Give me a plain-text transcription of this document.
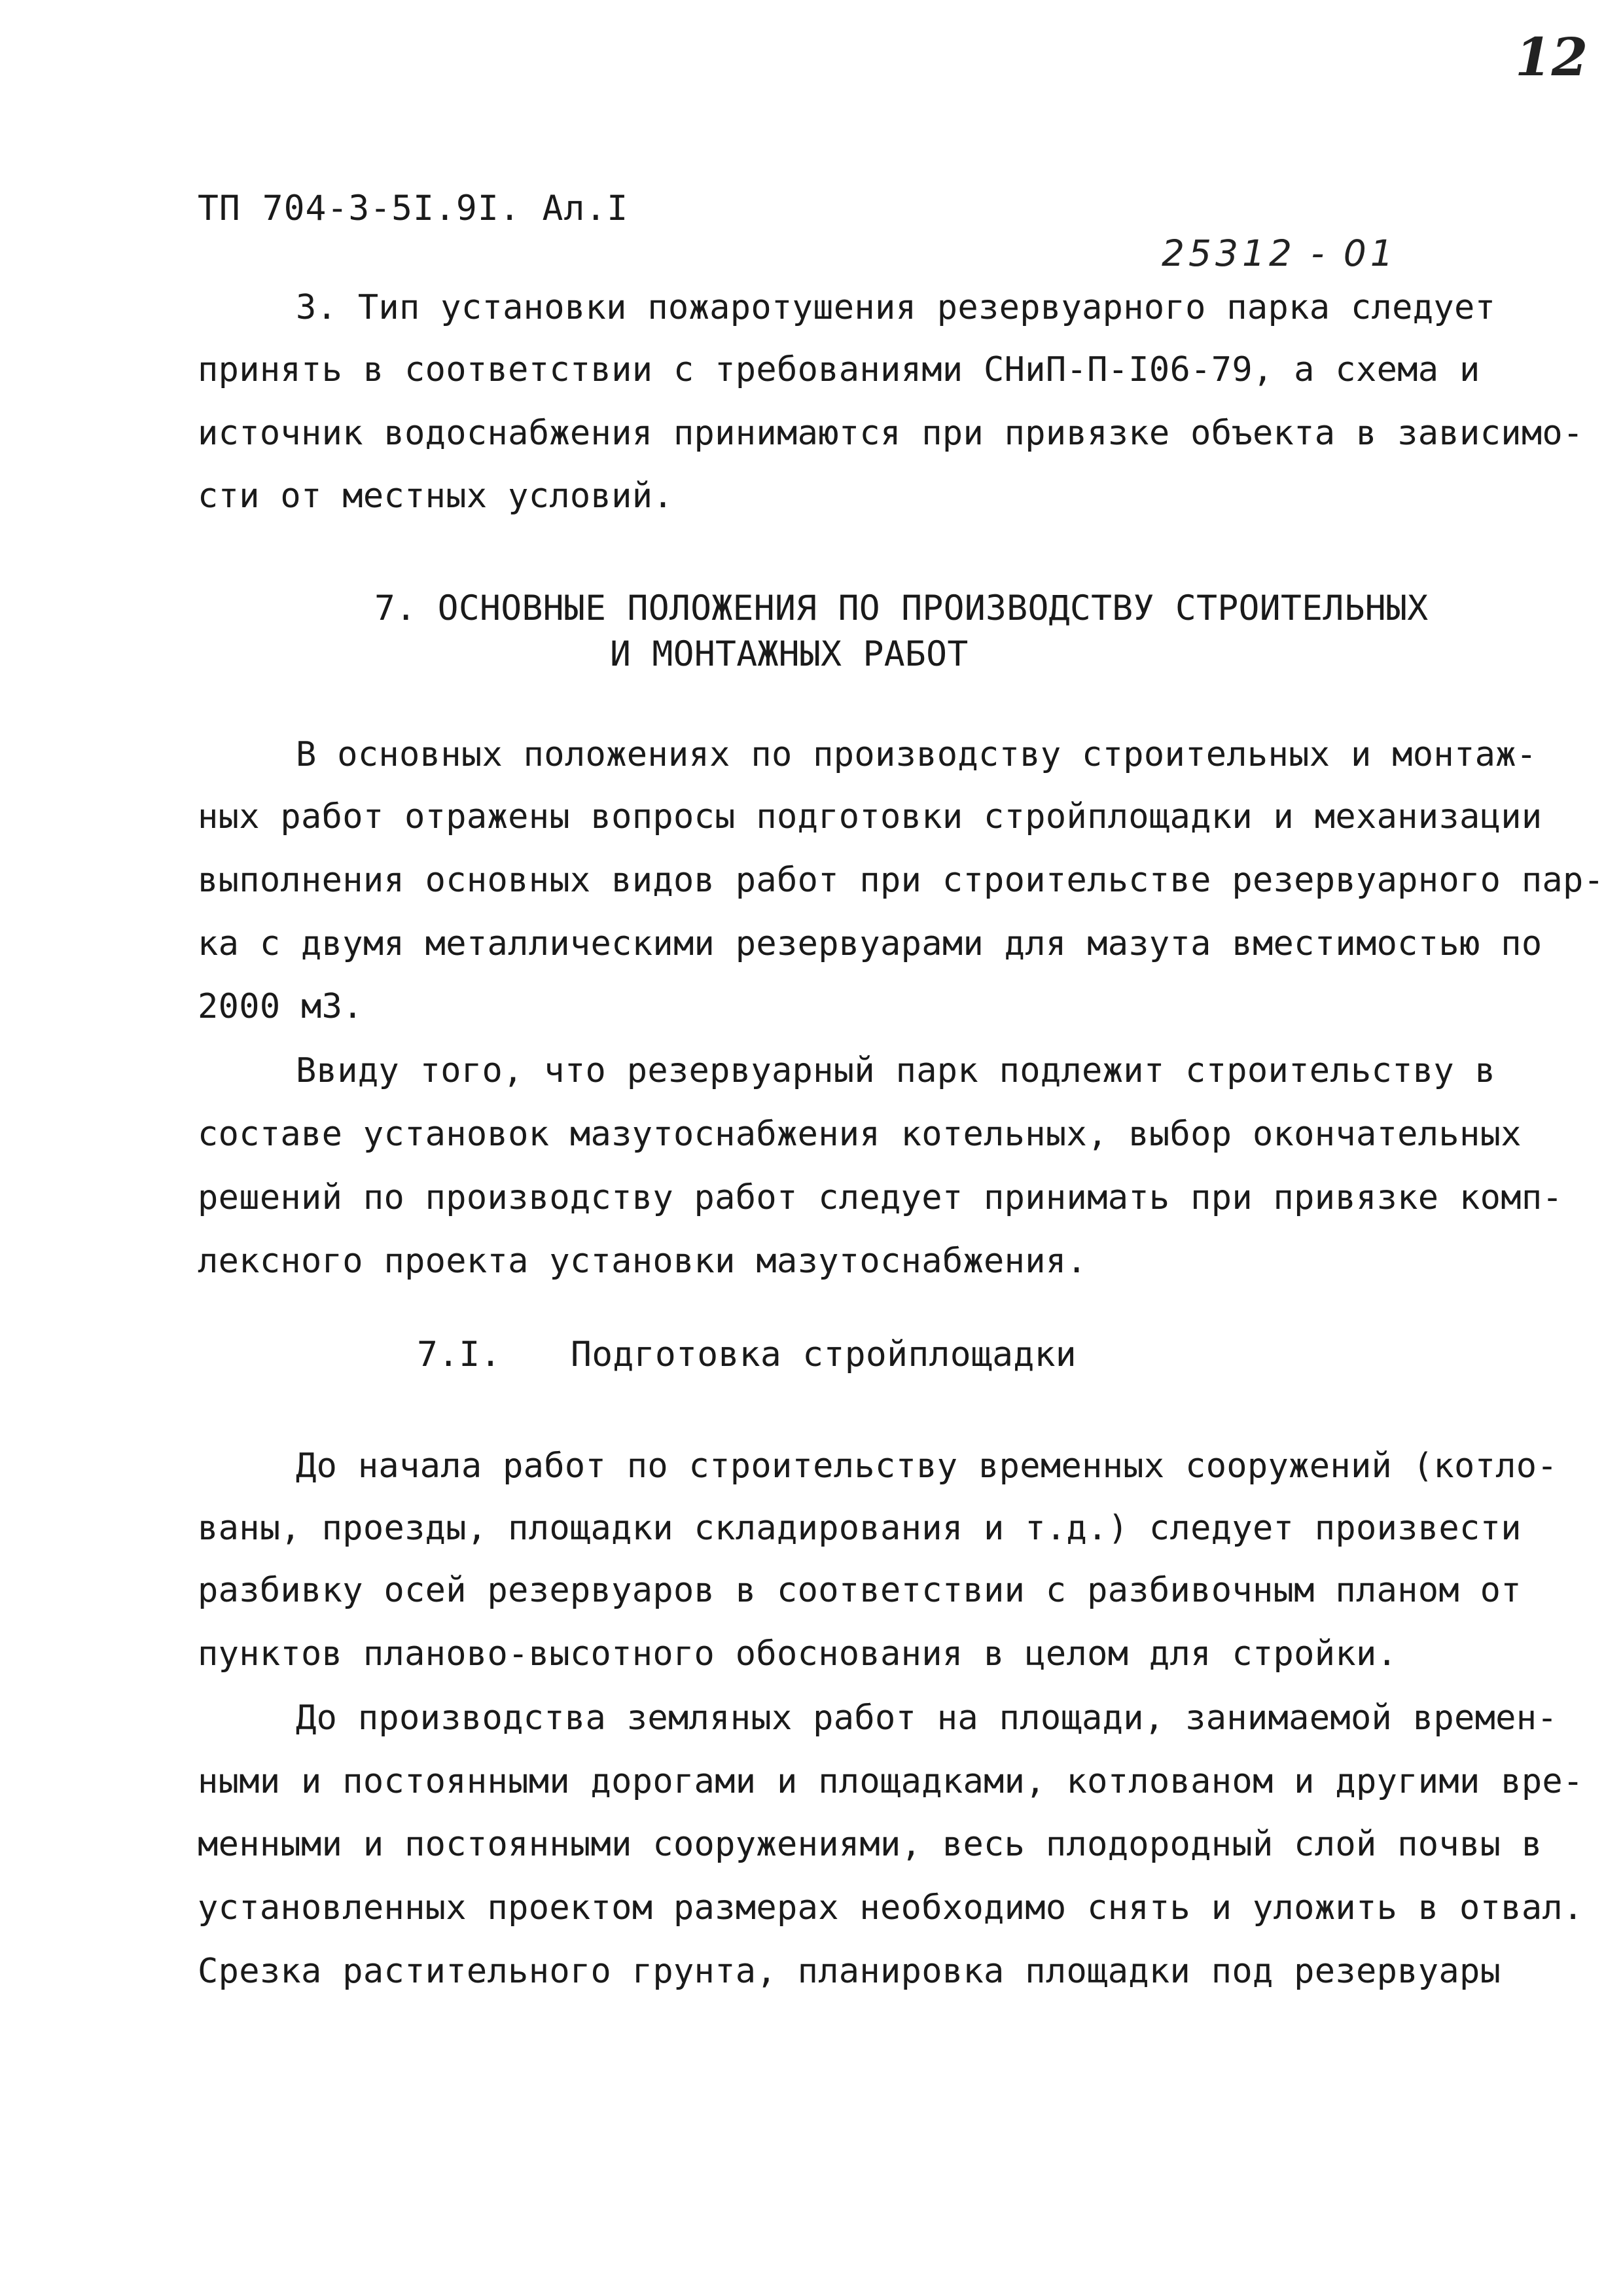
12
ТП 704-3-5I.9I. Ал.I
25312 - 01
3. Тип установки пожаротушения резервуарного парка следует
принять в соответствии с требованиями СНиП-П-I06-79, а схема и
источник водоснабжения принимаются при привязке объекта в зависимо-
сти от местных условий.
7. ОСНОВНЫЕ ПОЛОЖЕНИЯ ПО ПРОИЗВОДСТВУ СТРОИТЕЛЬНЫХ
И МОНТАЖНЫХ РАБОТ
В основных положениях по производству строительных и монтаж-
ных работ отражены вопросы подготовки стройплощадки и механизации
выполнения основных видов работ при строительстве резервуарного пар-
ка с двумя металлическими резервуарами для мазута вместимостью по
2000 м3.
Ввиду того, что резервуарный парк подлежит строительству в
составе установок мазутоснабжения котельных, выбор окончательных
решений по производству работ следует принимать при привязке комп-
лексного проекта установки мазутоснабжения.
7.I. Подготовка стройплощадки
До начала работ по строительству временных сооружений (котло-
ваны, проезды, площадки складирования и т.д.) следует произвести
разбивку осей резервуаров в соответствии с разбивочным планом от
пунктов планово-высотного обоснования в целом для стройки.
До производства земляных работ на площади, занимаемой времен-
ными и постоянными дорогами и площадками, котлованом и другими вре-
менными и постоянными сооружениями, весь плодородный слой почвы в
установленных проектом размерах необходимо снять и уложить в отвал.
Срезка растительного грунта, планировка площадки под резервуары
